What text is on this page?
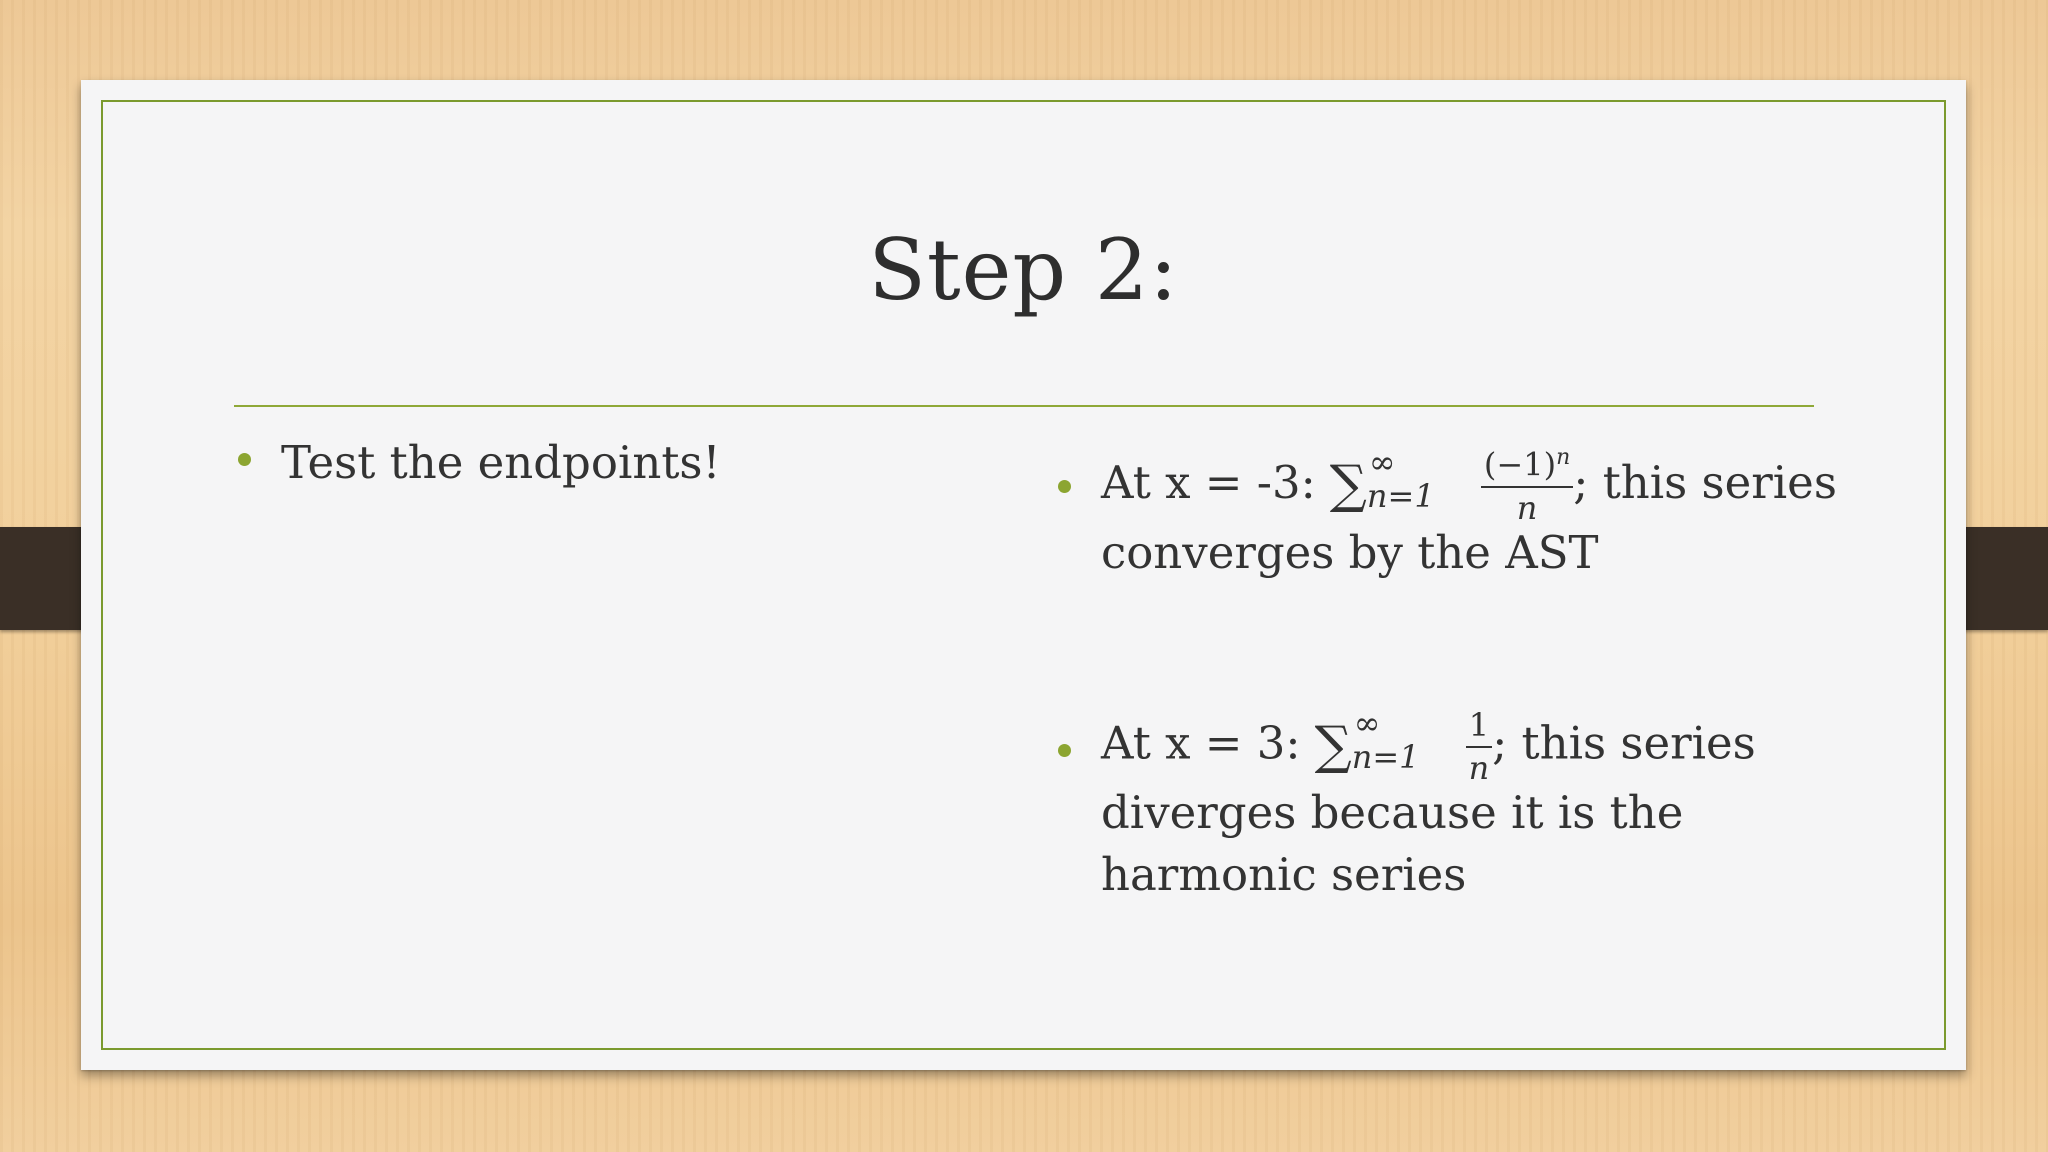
Step 2:
Test the endpoints!	At x = -3: ∑ ∞
$n=1 \frac{(-1)^n}{n}$ ; this series
converges by the AST
At x = 3: ∑ ∞
$n=1 \frac{1}{n}$ ; this series
diverges because it is the harmonic series
